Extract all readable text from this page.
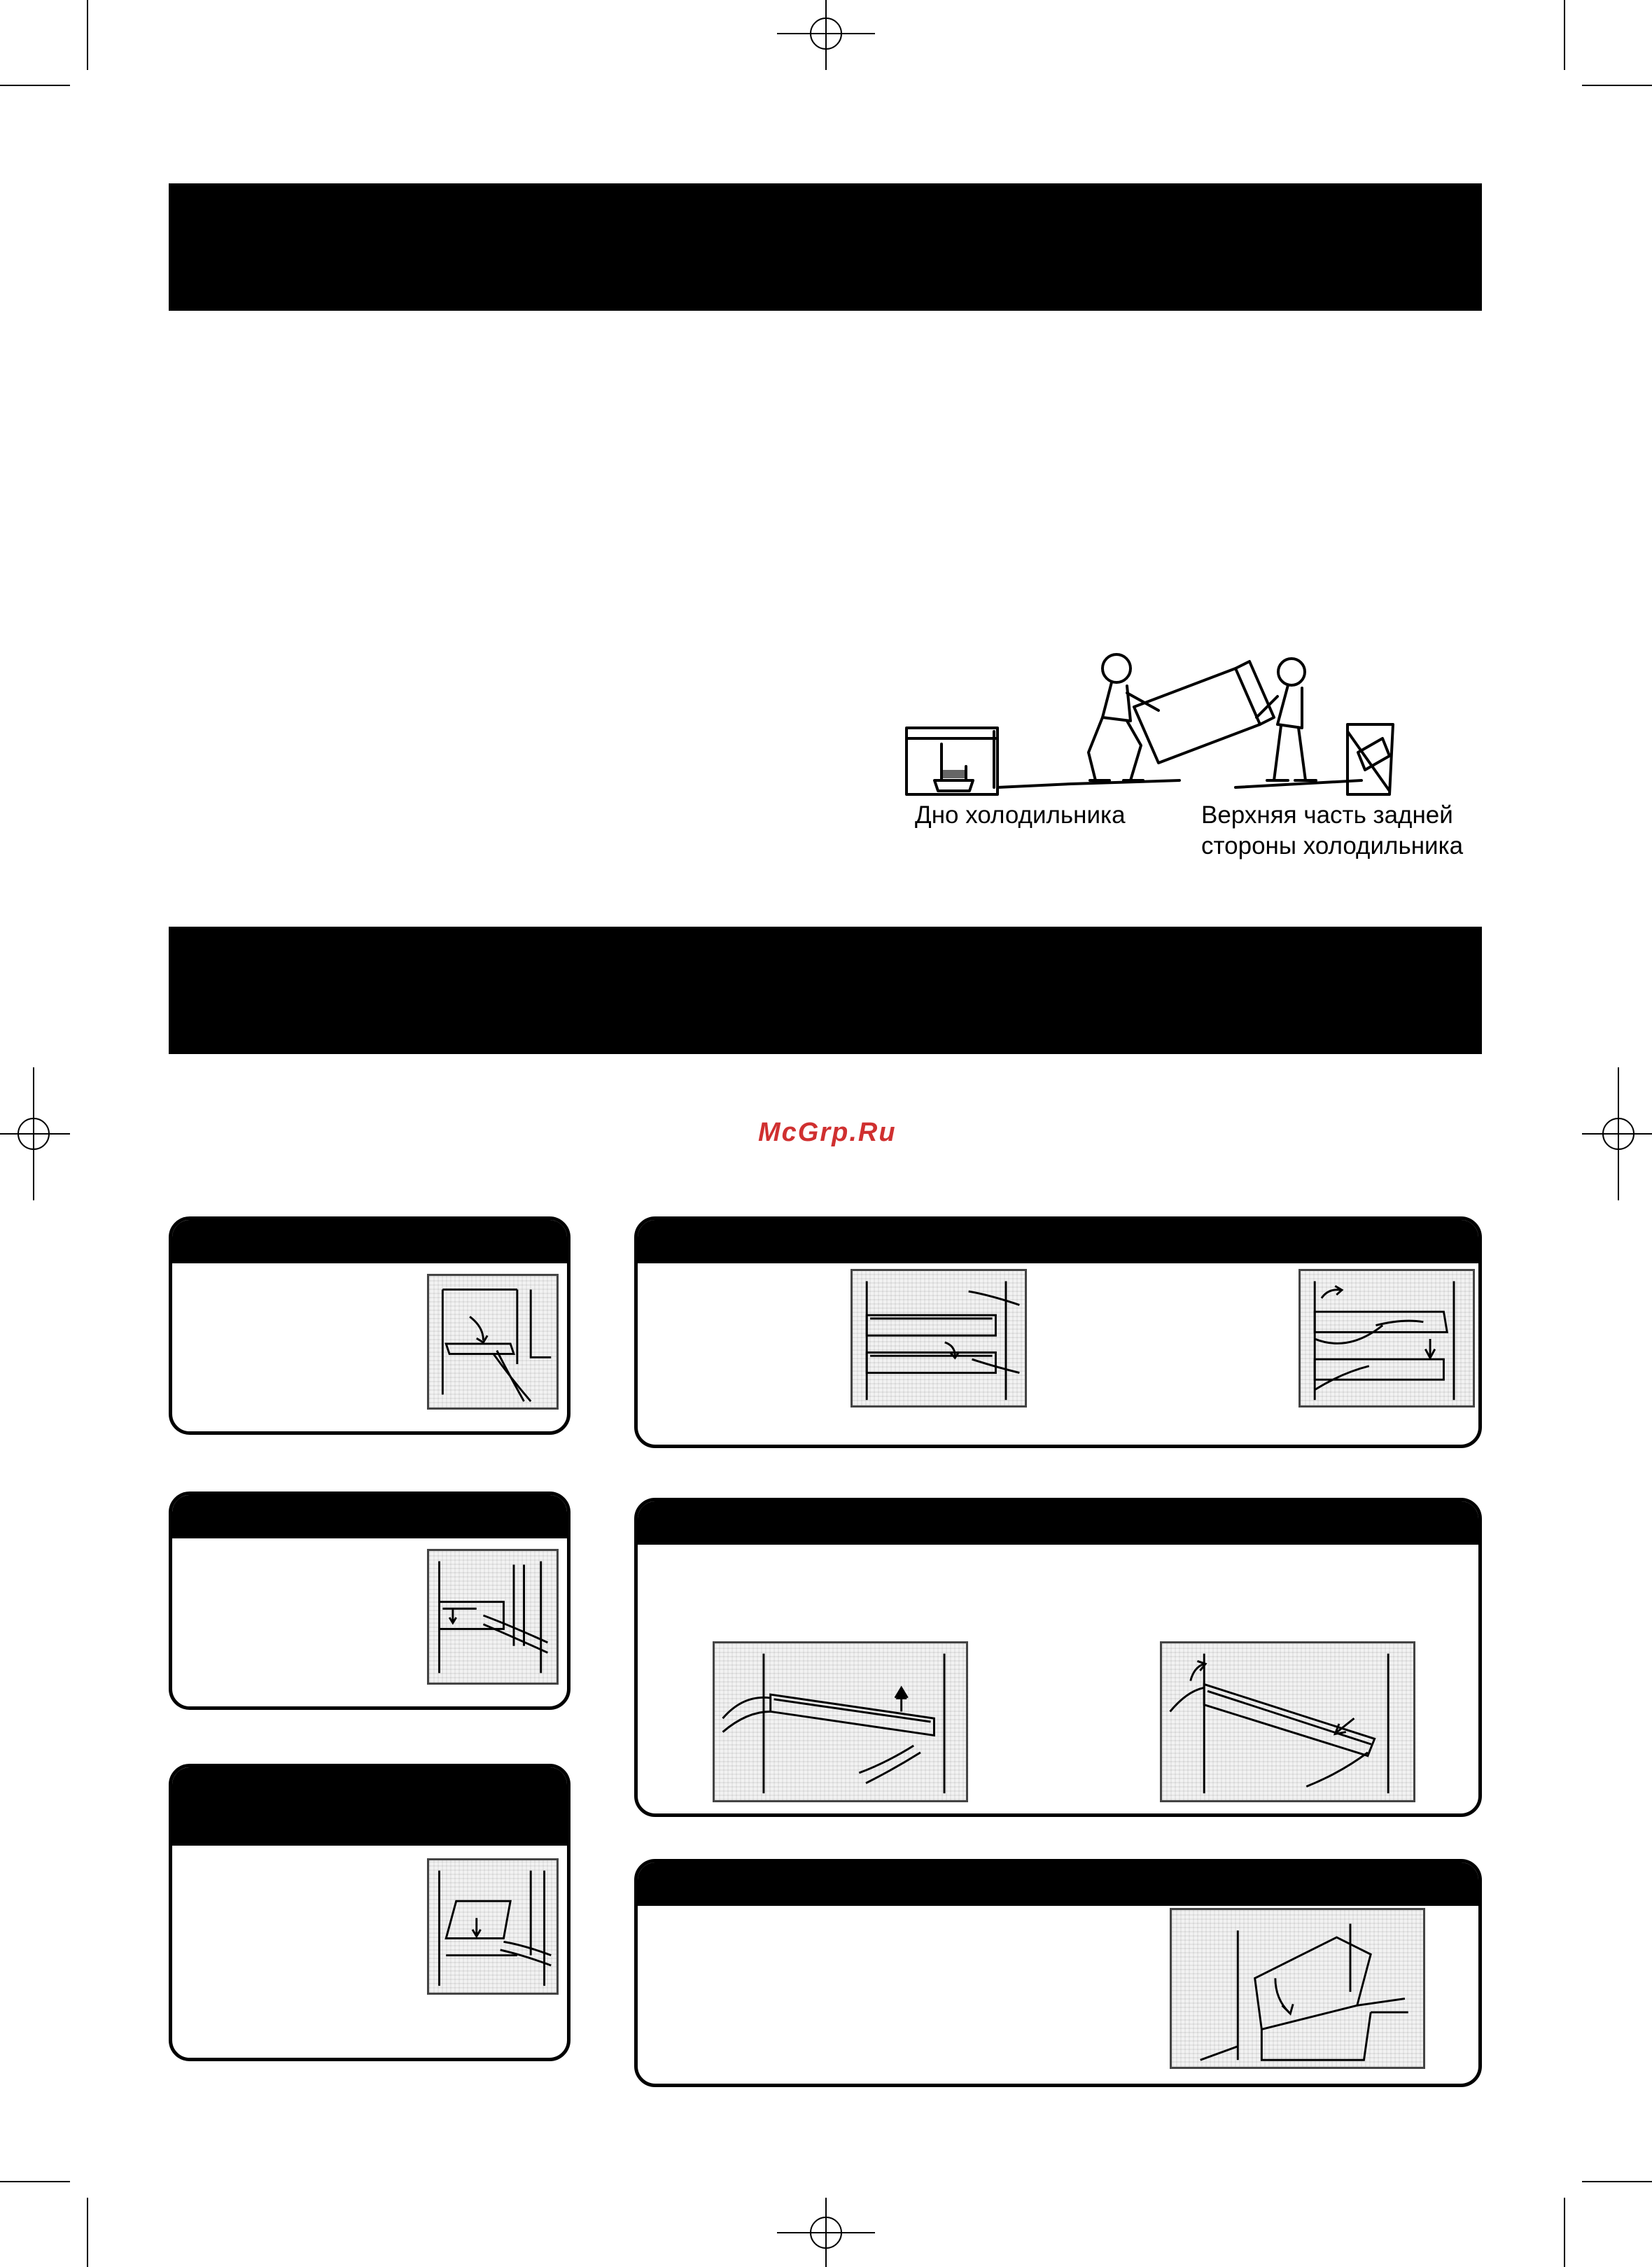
Дно холодильника	Верхняя часть задней
стороны холодильника
McGrp.Ru
